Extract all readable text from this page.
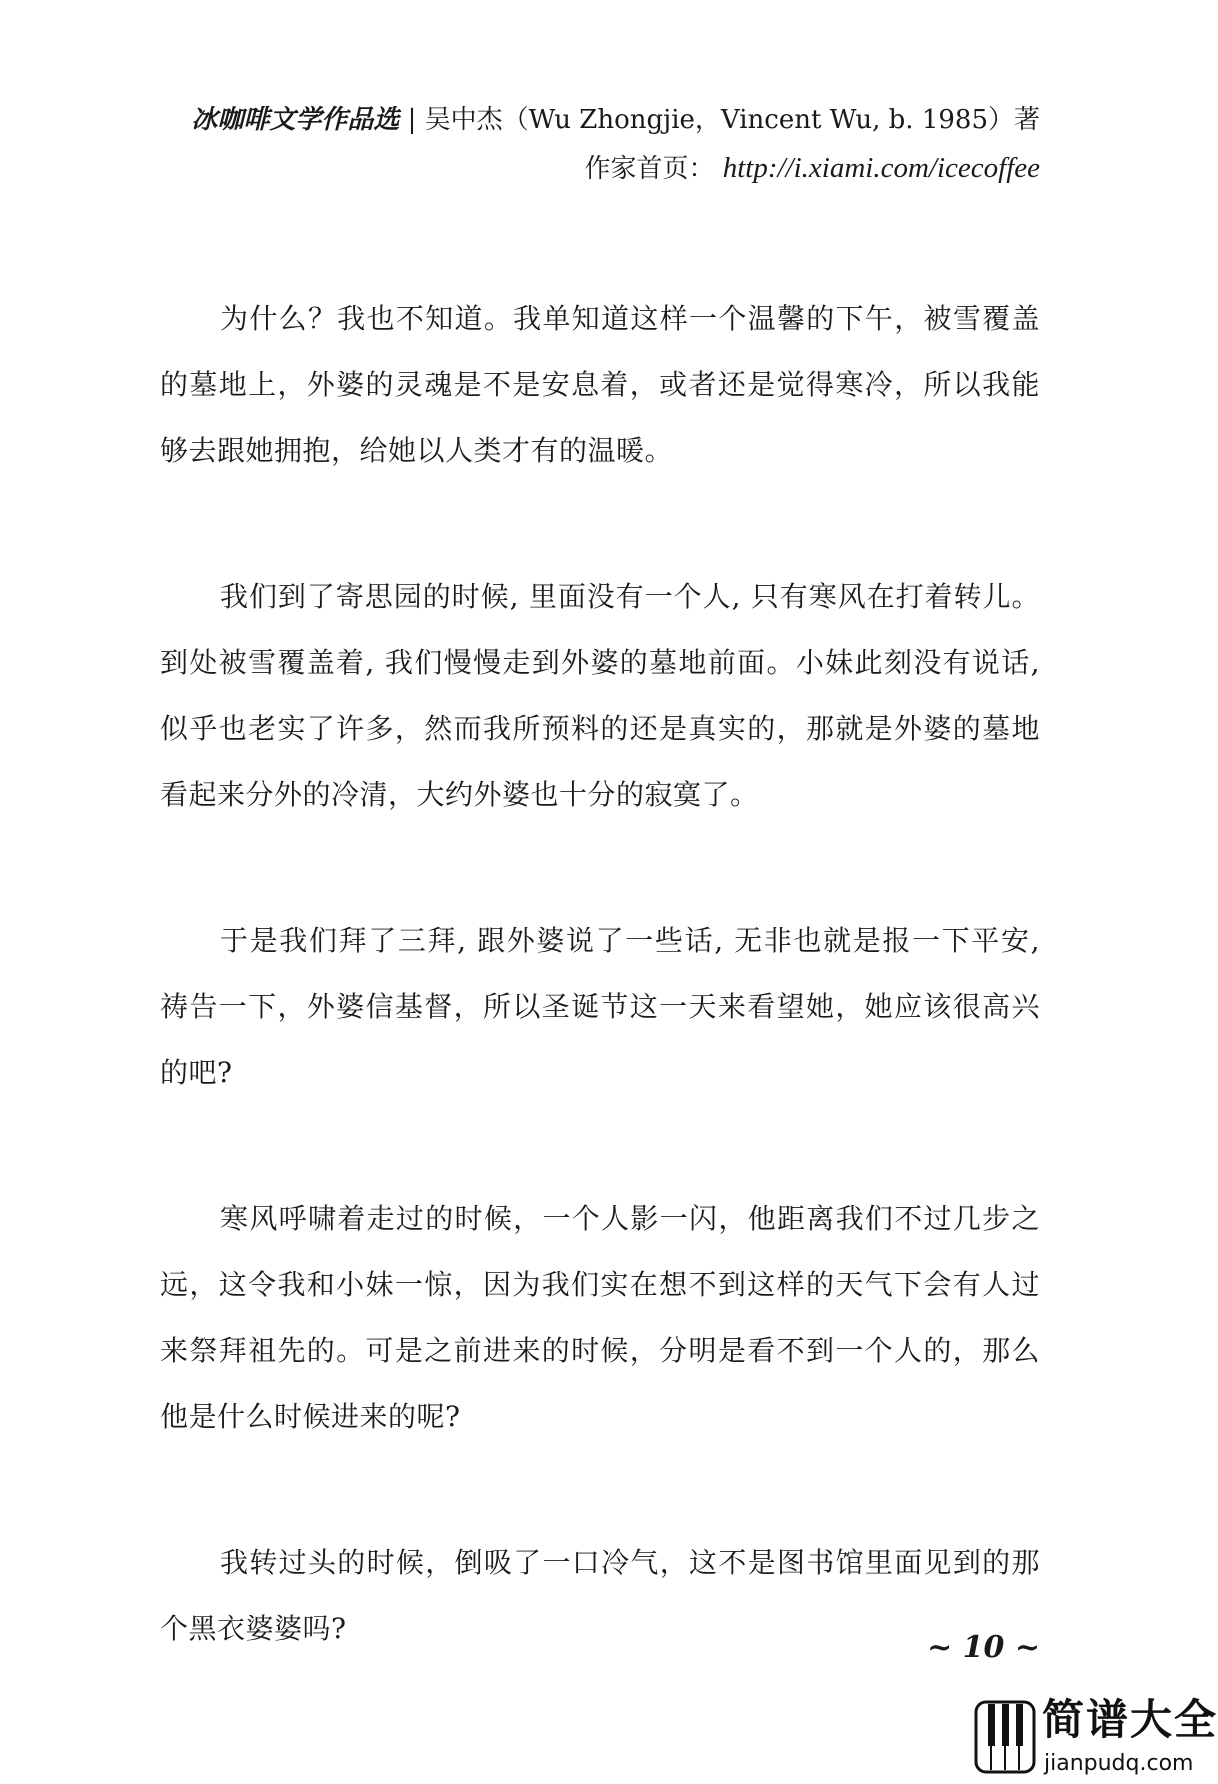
冰咖啡文学作品选 | 吴中杰（Wu Zhongjie，Vincent Wu, b. 1985）著
作家首页： http://i.xiami.com/icecoffee

为什么？我也不知道。我单知道这样一个温馨的下午，被雪覆盖的墓地上，外婆的灵魂是不是安息着，或者还是觉得寒冷，所以我能够去跟她拥抱，给她以人类才有的温暖。

我们到了寄思园的时候, 里面没有一个人, 只有寒风在打着转儿。到处被雪覆盖着, 我们慢慢走到外婆的墓地前面。小妹此刻没有说话, 似乎也老实了许多，然而我所预料的还是真实的，那就是外婆的墓地看起来分外的冷清，大约外婆也十分的寂寞了。

于是我们拜了三拜, 跟外婆说了一些话, 无非也就是报一下平安, 祷告一下，外婆信基督，所以圣诞节这一天来看望她，她应该很高兴的吧?

寒风呼啸着走过的时候，一个人影一闪，他距离我们不过几步之远，这令我和小妹一惊，因为我们实在想不到这样的天气下会有人过来祭拜祖先的。可是之前进来的时候，分明是看不到一个人的，那么他是什么时候进来的呢?

我转过头的时候，倒吸了一口冷气，这不是图书馆里面见到的那个黑衣婆婆吗?

~ 10 ~
简谱大全
jianpudq.com
